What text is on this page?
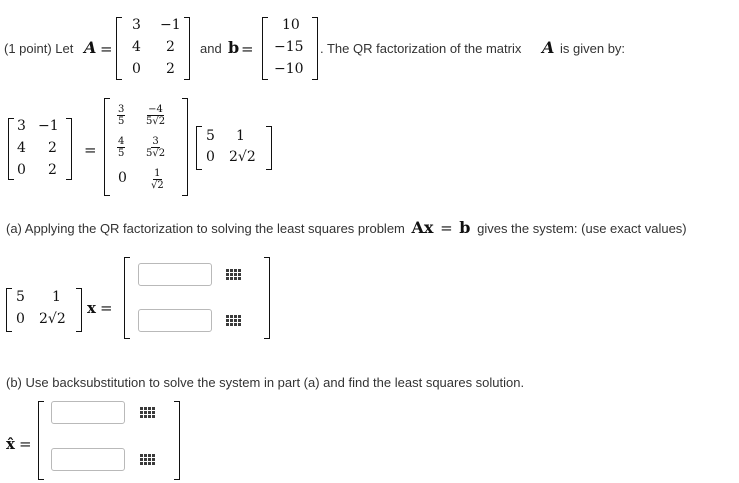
(1 point) Let A =
3 −1
4 2
0 2
and b =
10
−15
−10
. The QR factorization of the matrix A is given by:
3 −1
4 2
0 2
=
$\frac{3}{5} \frac{-4}{5√2}$
$\frac{4}{5} \frac{3}{5√2}$
$0 \frac{1}{√2}$
5 1
0 2√2
(a) Applying the QR factorization to solving the least squares problem Ax = b gives the system: (use exact values)
5 1
0 2√2
x =
(b) Use backsubstitution to solve the system in part (a) and find the least squares solution.
x̂ =
